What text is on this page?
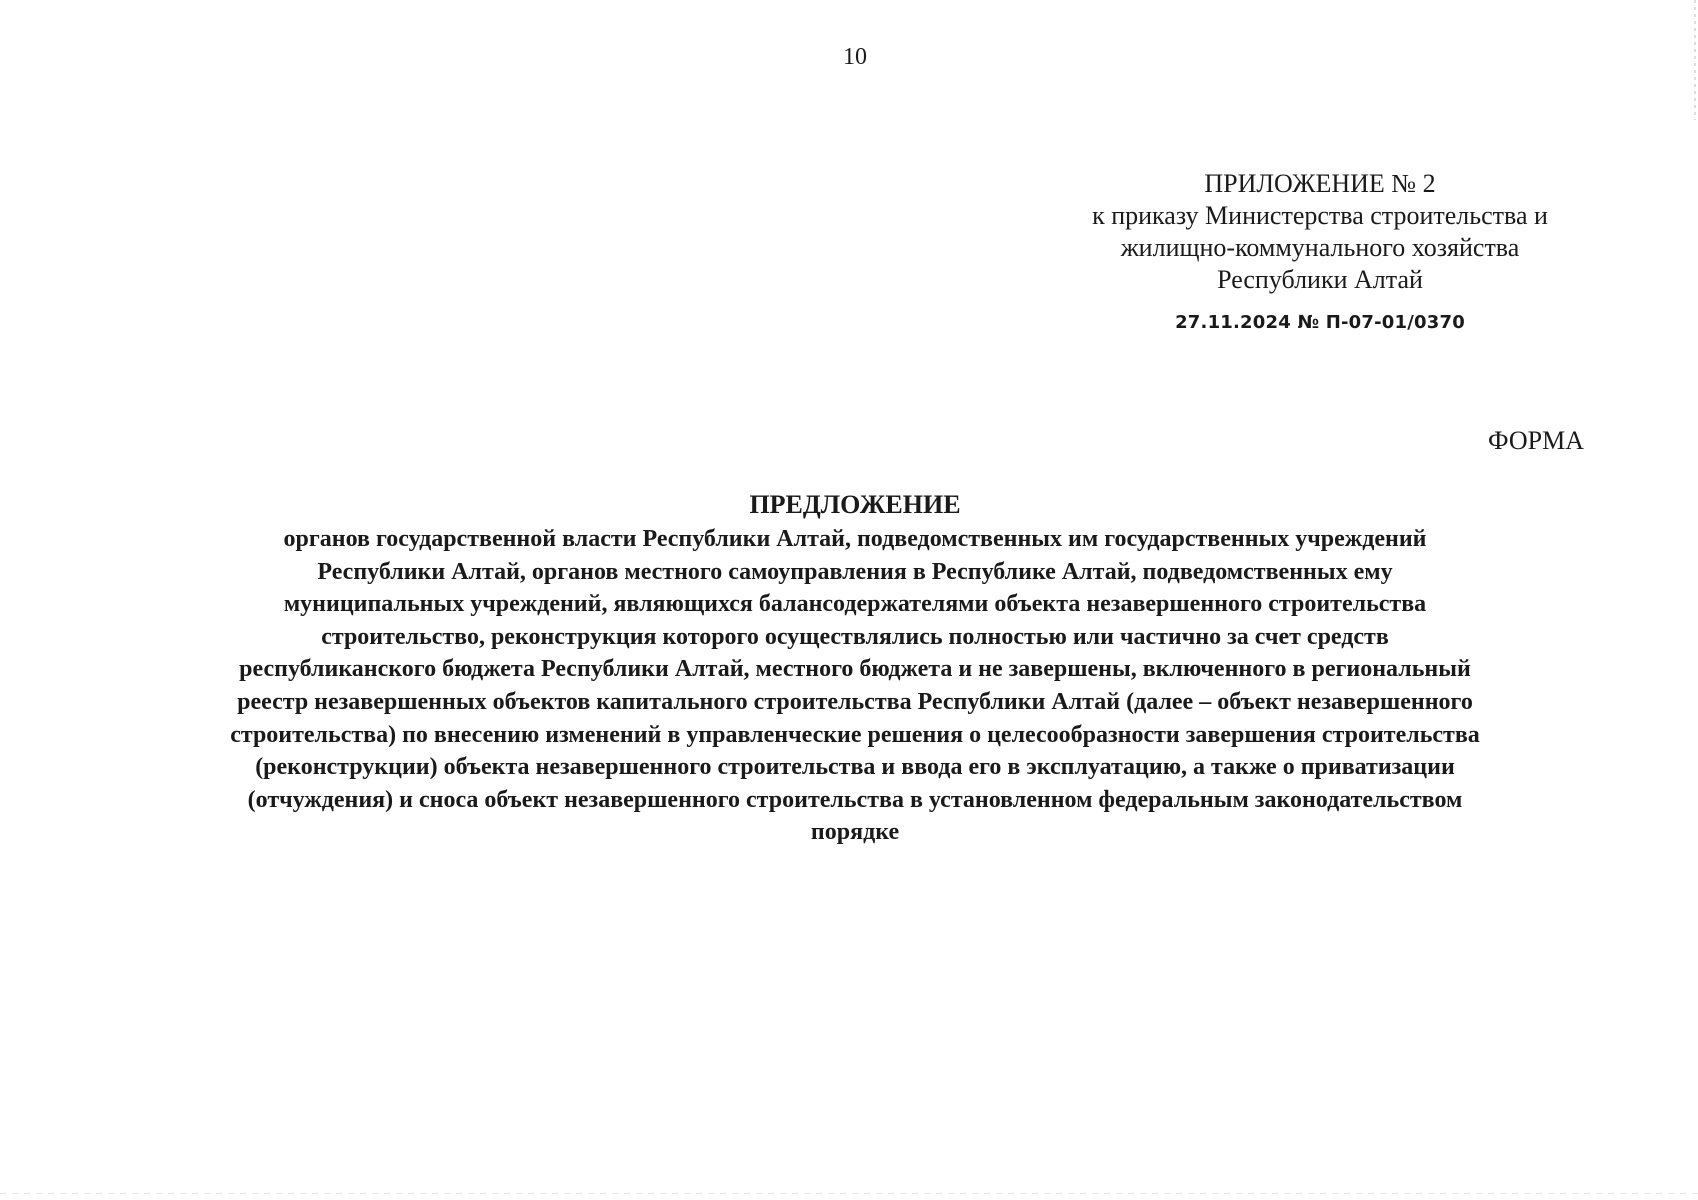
10
ПРИЛОЖЕНИЕ № 2
к приказу Министерства строительства и
жилищно-коммунального хозяйства
Республики Алтай
27.11.2024 № П-07-01/0370
ФОРМА
ПРЕДЛОЖЕНИЕ
органов государственной власти Республики Алтай, подведомственных им государственных учреждений
Республики Алтай, органов местного самоуправления в Республике Алтай, подведомственных ему
муниципальных учреждений, являющихся балансодержателями объекта незавершенного строительства
строительство, реконструкция которого осуществлялись полностью или частично за счет средств
республиканского бюджета Республики Алтай, местного бюджета и не завершены, включенного в региональный
реестр незавершенных объектов капитального строительства Республики Алтай (далее – объект незавершенного
строительства) по внесению изменений в управленческие решения о целесообразности завершения строительства
(реконструкции) объекта незавершенного строительства и ввода его в эксплуатацию, а также о приватизации
(отчуждения) и сноса объект незавершенного строительства в установленном федеральным законодательством
порядке
